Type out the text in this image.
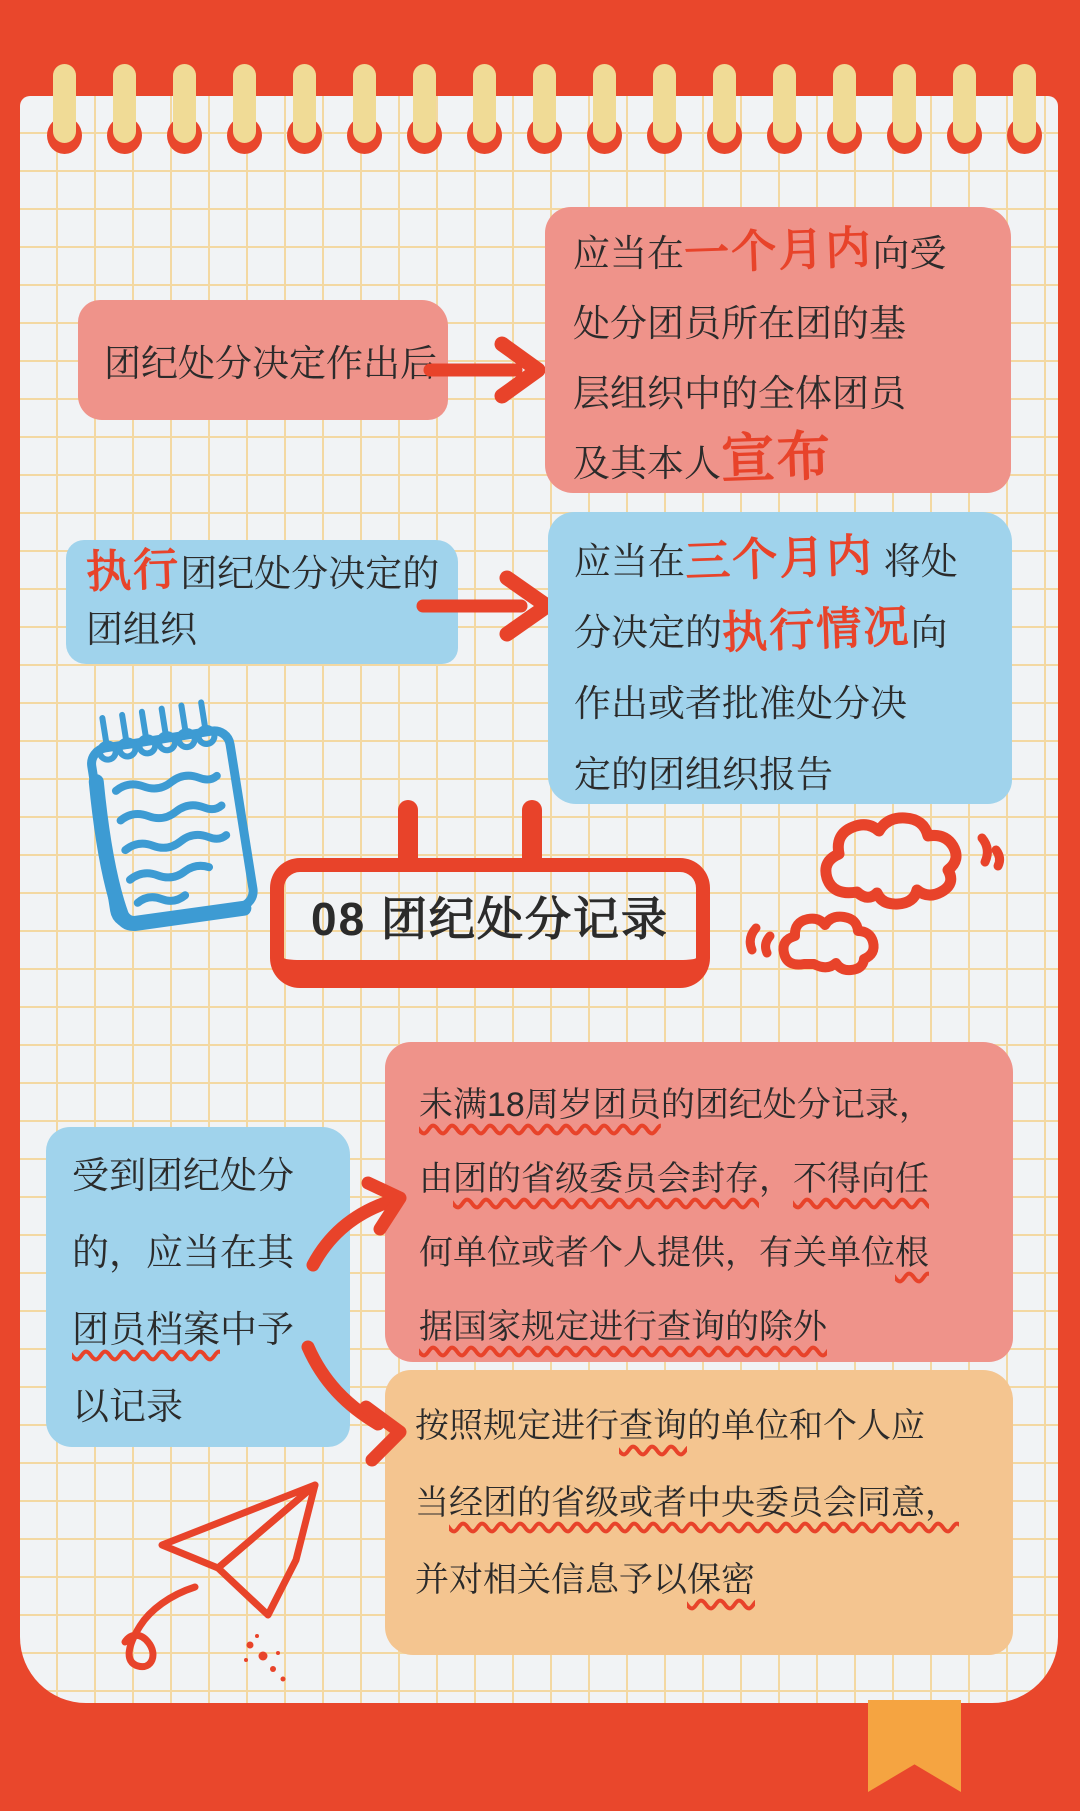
团纪处分决定作出后
应当在一个月内向受
处分团员所在团的基
层组织中的全体团员
及其本人宣布
执行团纪处分决定的
团组织
应当在三个月内 将处
分决定的执行情况向
作出或者批准处分决
定的团组织报告
08 团纪处分记录
受到团纪处分
的，应当在其
团员档案中予
以记录
未满18周岁团员的团纪处分记录，
由团的省级委员会封存，不得向任
何单位或者个人提供，有关单位根
据国家规定进行查询的除外
按照规定进行查询的单位和个人应
当经团的省级或者中央委员会同意，
并对相关信息予以保密
